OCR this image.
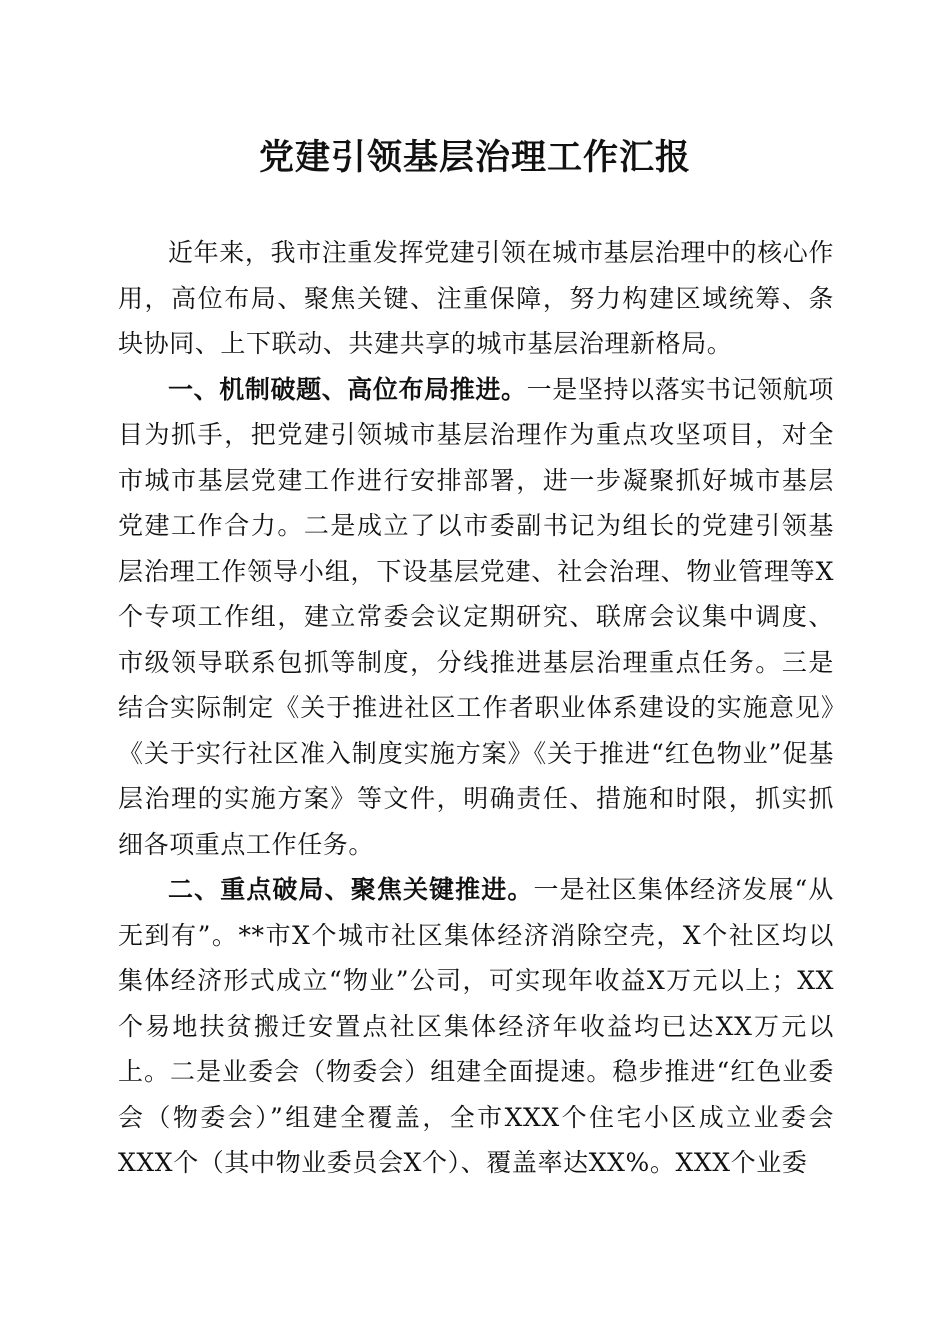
党建引领基层治理工作汇报

近年来，我市注重发挥党建引领在城市基层治理中的核心作用，高位布局、聚焦关键、注重保障，努力构建区域统筹、条块协同、上下联动、共建共享的城市基层治理新格局。

一、机制破题、高位布局推进。一是坚持以落实书记领航项目为抓手，把党建引领城市基层治理作为重点攻坚项目，对全市城市基层党建工作进行安排部署，进一步凝聚抓好城市基层党建工作合力。二是成立了以市委副书记为组长的党建引领基层治理工作领导小组，下设基层党建、社会治理、物业管理等X个专项工作组，建立常委会议定期研究、联席会议集中调度、市级领导联系包抓等制度，分线推进基层治理重点任务。三是结合实际制定《关于推进社区工作者职业体系建设的实施意见》《关于实行社区准入制度实施方案》《关于推进“红色物业”促基层治理的实施方案》等文件，明确责任、措施和时限，抓实抓细各项重点工作任务。

二、重点破局、聚焦关键推进。一是社区集体经济发展“从无到有”。**市X个城市社区集体经济消除空壳，X个社区均以集体经济形式成立“物业”公司，可实现年收益X万元以上；XX个易地扶贫搬迁安置点社区集体经济年收益均已达XX万元以上。二是业委会（物委会）组建全面提速。稳步推进“红色业委会（物委会）”组建全覆盖，全市XXX个住宅小区成立业委会XXX个（其中物业委员会X个）、覆盖率达XX%。XXX个业委
